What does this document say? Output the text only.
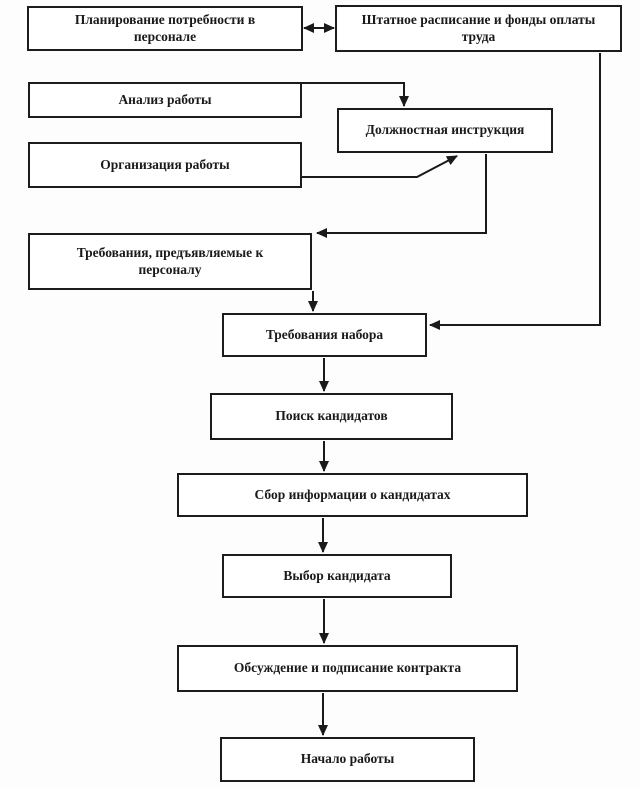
Планирование потребности в персонале
Штатное расписание и фонды оплаты труда
Анализ работы
Должностная инструкция
Организация работы
Требования, предъявляемые к персоналу
Требования набора
Поиск кандидатов
Сбор информации о кандидатах
Выбор кандидата
Обсуждение и подписание контракта
Начало работы
